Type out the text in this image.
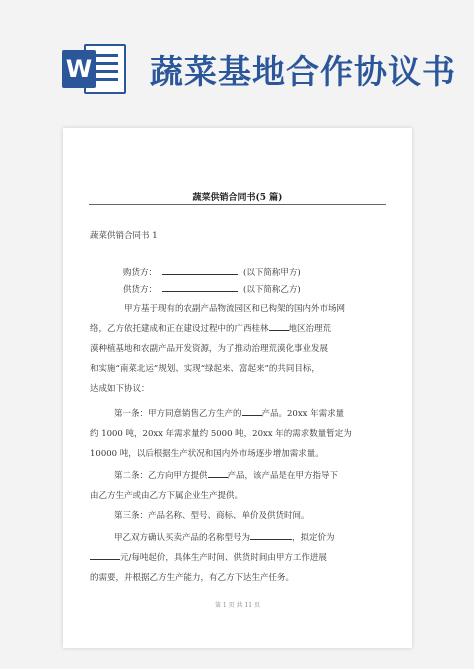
W 蔬菜基地合作协议书
蔬菜供销合同书(5 篇)
蔬菜供销合同书 1
购货方：	(以下简称甲方)
供货方：	(以下简称乙方)
甲方基于现有的农副产品物流园区和已构架的国内外市场网
络，乙方依托建成和正在建设过程中的广西桂林 地区治理荒
漠种植基地和农副产品开发资源，为了推动治理荒漠化事业发展
和实施“南菜北运”规划、实现“绿起来、富起来”的共同目标，
达成如下协议：
第一条：甲方同意销售乙方生产的 产品。20xx 年需求量
约 1000 吨，20xx 年需求量约 5000 吨，20xx 年的需求数量暂定为
10000 吨，以后根据生产状况和国内外市场逐步增加需求量。
第二条：乙方向甲方提供 产品，该产品是在甲方指导下
由乙方生产或由乙方下属企业生产提供。
第三条：产品名称、型号、商标、单价及供货时间。
甲乙双方确认买卖产品的名称型号为	，拟定价为
元/每吨起价，具体生产时间、供货时间由甲方工作进展
的需要，并根据乙方生产能力，有乙方下达生产任务。
第 1 页 共 11 页
